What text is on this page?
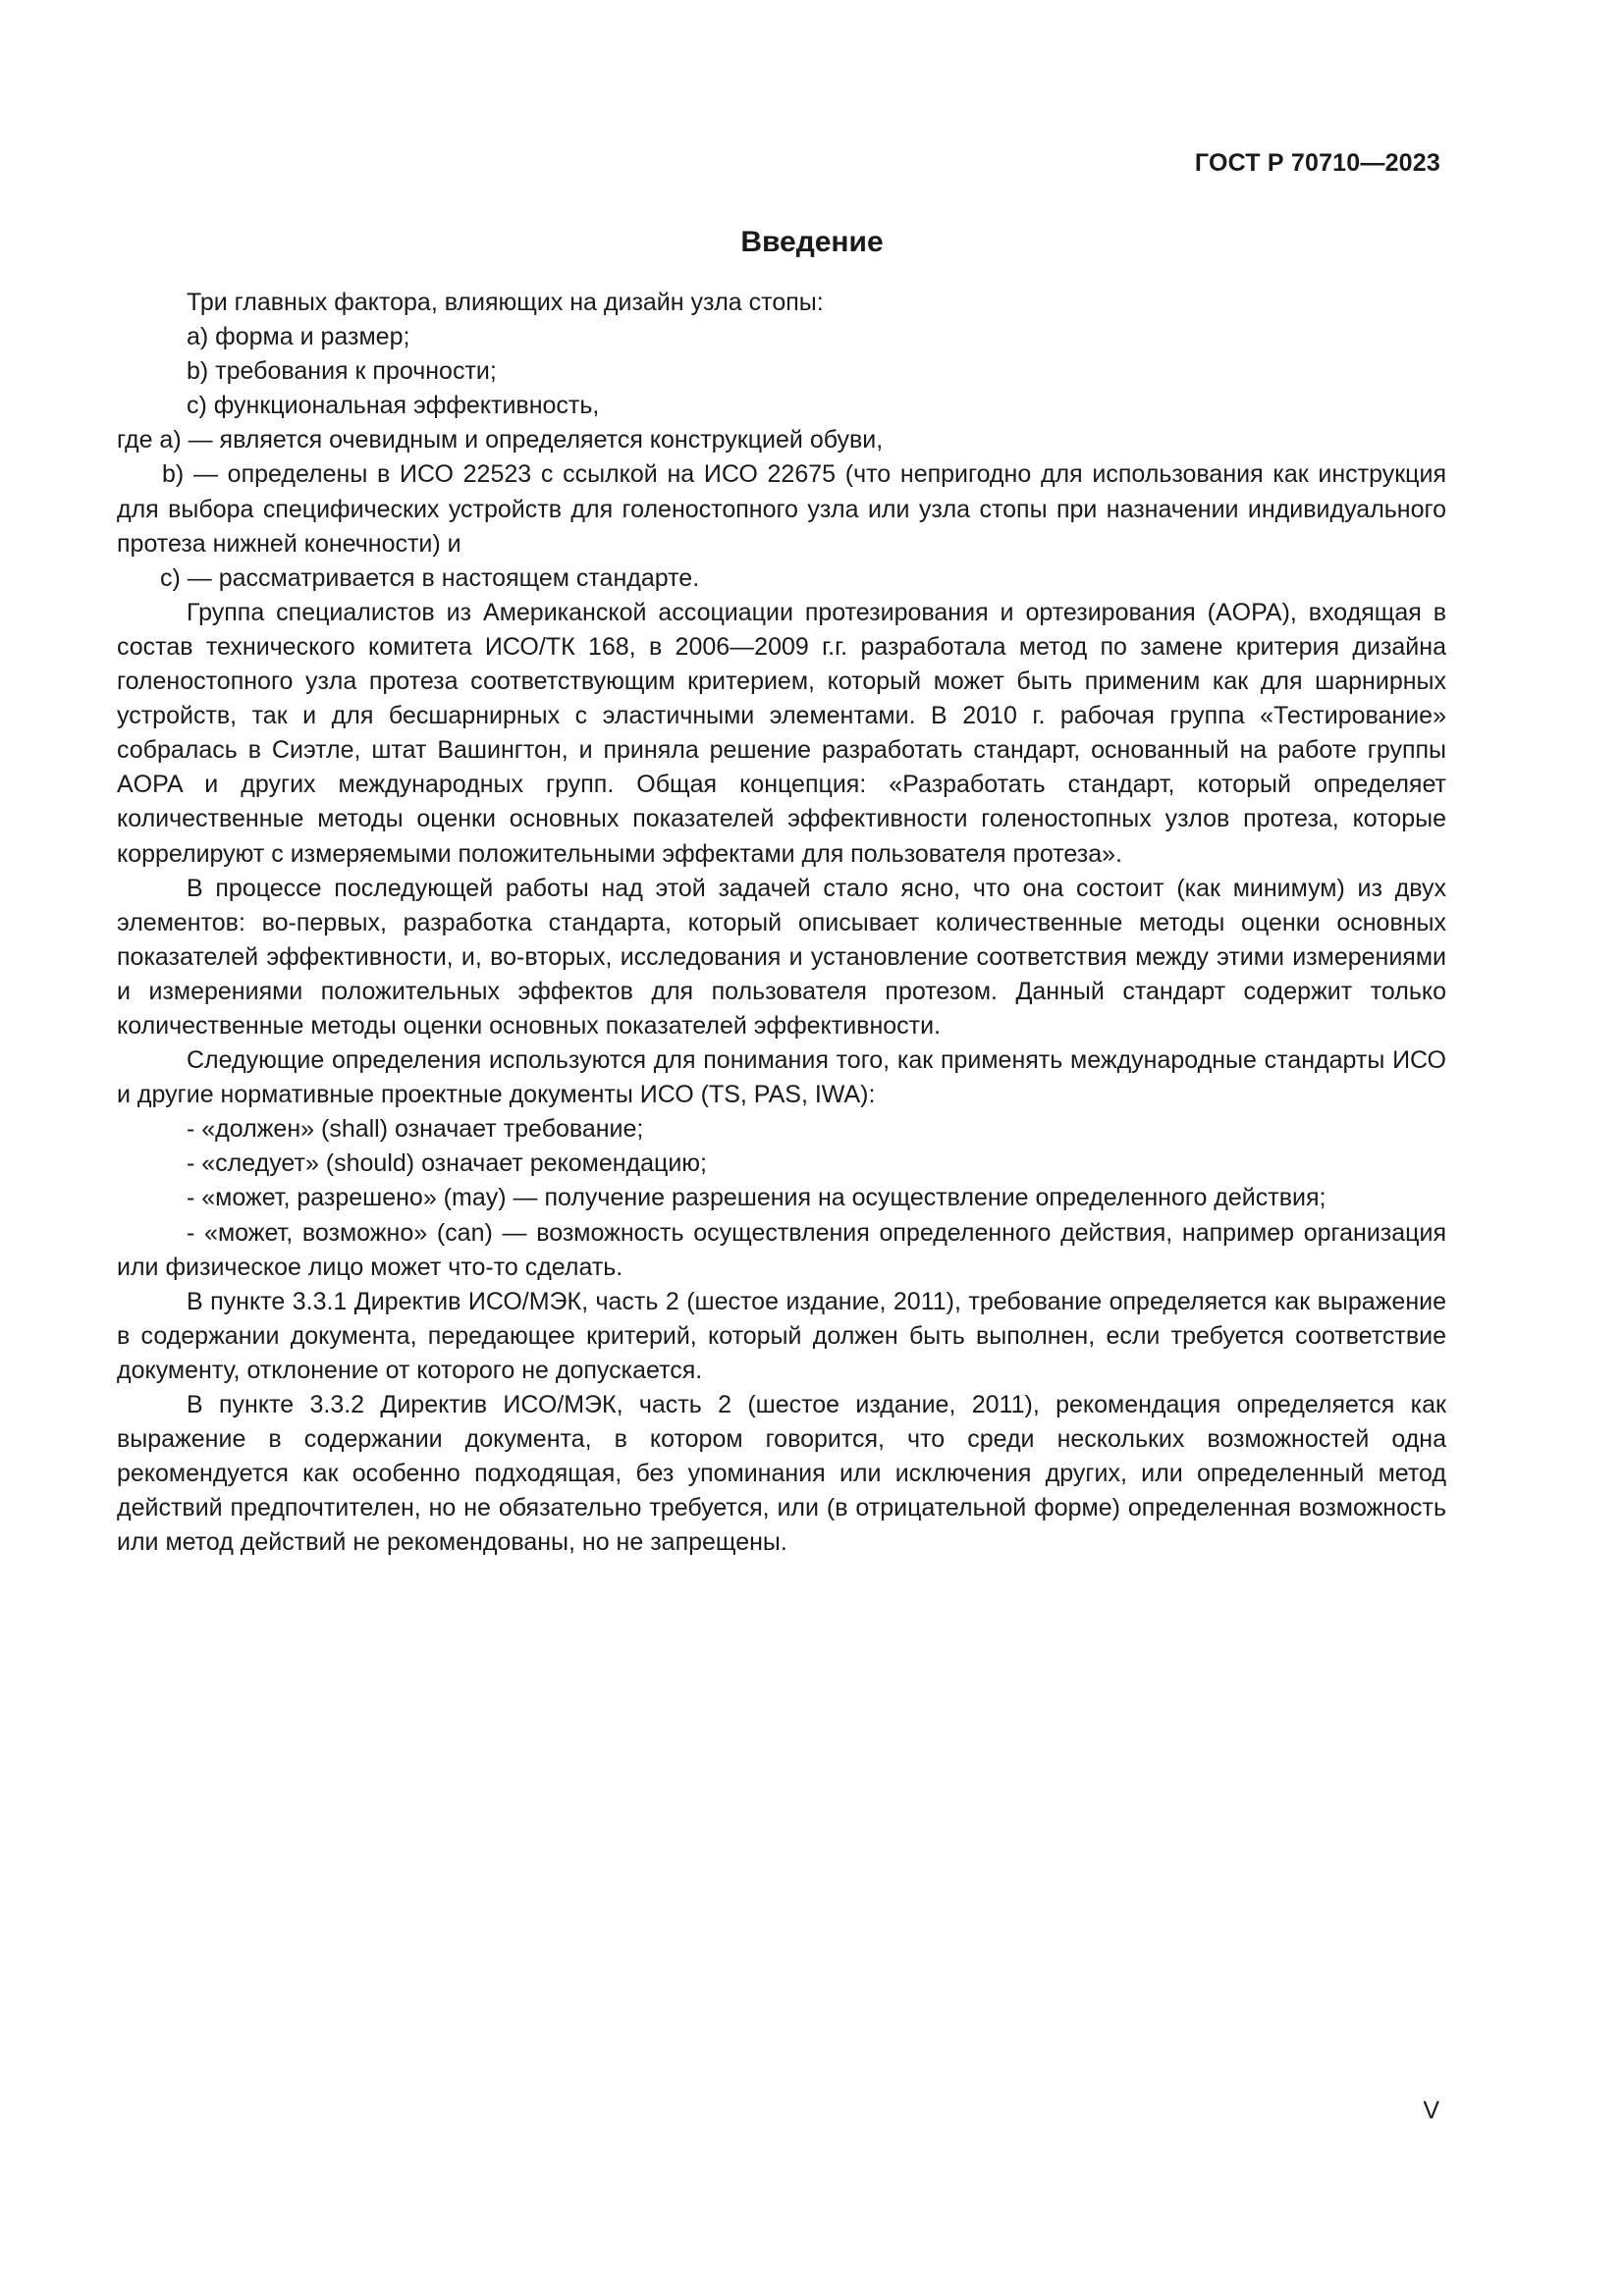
ГОСТ Р 70710—2023
Введение

Три главных фактора, влияющих на дизайн узла стопы:

a) форма и размер;

b) требования к прочности;

c) функциональная эффективность,

где a) — является очевидным и определяется конструкцией обуви,

b) — определены в ИСО 22523 с ссылкой на ИСО 22675 (что непригодно для использования как инструкция для выбора специфических устройств для голеностопного узла или узла стопы при назначении индивидуального протеза нижней конечности) и

c) — рассматривается в настоящем стандарте.

Группа специалистов из Американской ассоциации протезирования и ортезирования (AOPA), входящая в состав технического комитета ИСО/ТК 168, в 2006—2009 г.г. разработала метод по замене критерия дизайна голеностопного узла протеза соответствующим критерием, который может быть применим как для шарнирных устройств, так и для бесшарнирных с эластичными элементами. В 2010 г. рабочая группа «Тестирование» собралась в Сиэтле, штат Вашингтон, и приняла решение разработать стандарт, основанный на работе группы AOPA и других международных групп. Общая концепция: «Разработать стандарт, который определяет количественные методы оценки основных показателей эффективности голеностопных узлов протеза, которые коррелируют с измеряемыми положительными эффектами для пользователя протеза».

В процессе последующей работы над этой задачей стало ясно, что она состоит (как минимум) из двух элементов: во-первых, разработка стандарта, который описывает количественные методы оценки основных показателей эффективности, и, во-вторых, исследования и установление соответствия между этими измерениями и измерениями положительных эффектов для пользователя протезом. Данный стандарт содержит только количественные методы оценки основных показателей эффективности.

Следующие определения используются для понимания того, как применять международные стандарты ИСО и другие нормативные проектные документы ИСО (TS, PAS, IWA):

- «должен» (shall) означает требование;

- «следует» (should) означает рекомендацию;

- «может, разрешено» (may) — получение разрешения на осуществление определенного действия;

- «может, возможно» (can) — возможность осуществления определенного действия, например организация или физическое лицо может что-то сделать.

В пункте 3.3.1 Директив ИСО/МЭК, часть 2 (шестое издание, 2011), требование определяется как выражение в содержании документа, передающее критерий, который должен быть выполнен, если требуется соответствие документу, отклонение от которого не допускается.

В пункте 3.3.2 Директив ИСО/МЭК, часть 2 (шестое издание, 2011), рекомендация определяется как выражение в содержании документа, в котором говорится, что среди нескольких возможностей одна рекомендуется как особенно подходящая, без упоминания или исключения других, или определенный метод действий предпочтителен, но не обязательно требуется, или (в отрицательной форме) определенная возможность или метод действий не рекомендованы, но не запрещены.

V
